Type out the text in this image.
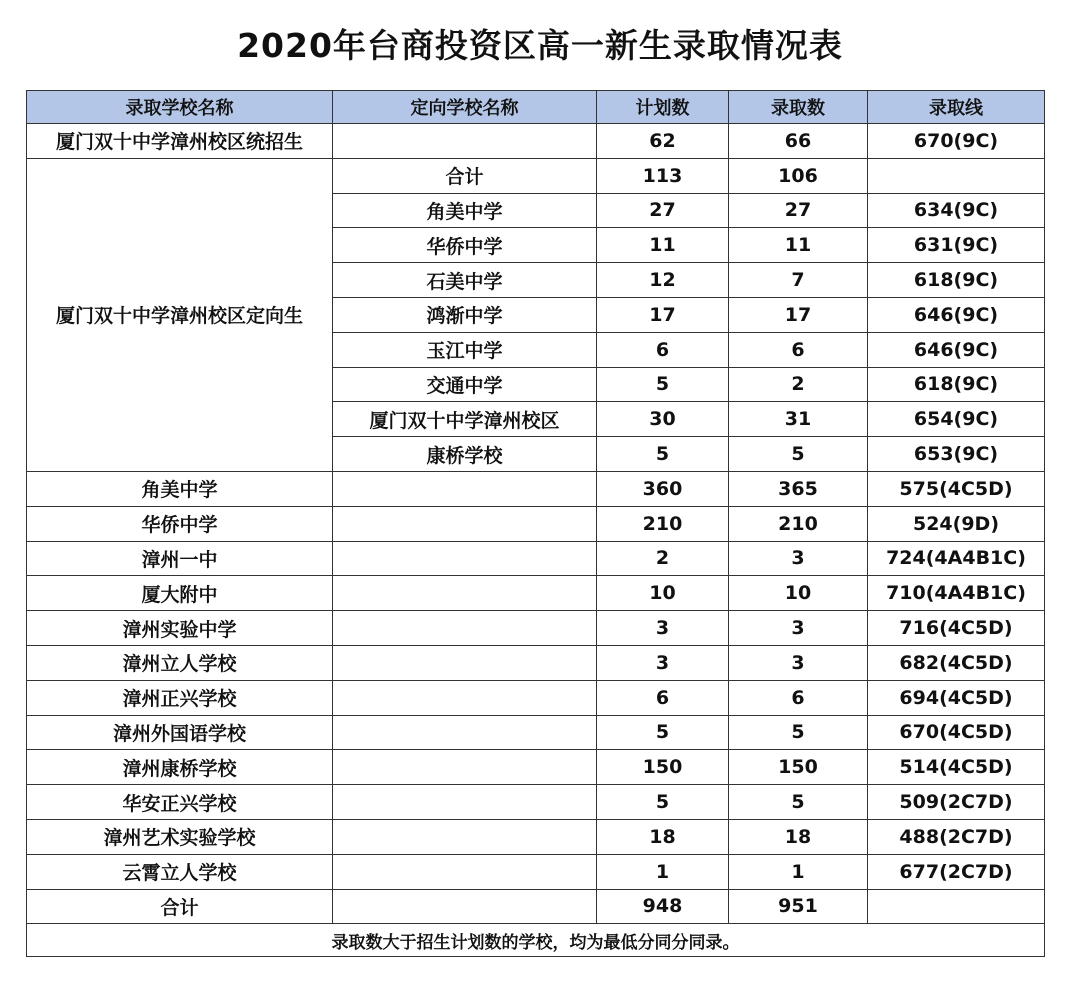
2020年台商投资区高一新生录取情况表
录取学校名称	定向学校名称	计划数	录取数	录取线
厦门双十中学漳州校区统招生		62	66	670(9C)
厦门双十中学漳州校区定向生	合计	113	106	
	角美中学	27	27	634(9C)
	华侨中学	11	11	631(9C)
	石美中学	12	7	618(9C)
	鸿渐中学	17	17	646(9C)
	玉江中学	6	6	646(9C)
	交通中学	5	2	618(9C)
	厦门双十中学漳州校区	30	31	654(9C)
	康桥学校	5	5	653(9C)
角美中学		360	365	575(4C5D)
华侨中学		210	210	524(9D)
漳州一中		2	3	724(4A4B1C)
厦大附中		10	10	710(4A4B1C)
漳州实验中学		3	3	716(4C5D)
漳州立人学校		3	3	682(4C5D)
漳州正兴学校		6	6	694(4C5D)
漳州外国语学校		5	5	670(4C5D)
漳州康桥学校		150	150	514(4C5D)
华安正兴学校		5	5	509(2C7D)
漳州艺术实验学校		18	18	488(2C7D)
云霄立人学校		1	1	677(2C7D)
合计		948	951	
录取数大于招生计划数的学校，均为最低分同分同录。				
